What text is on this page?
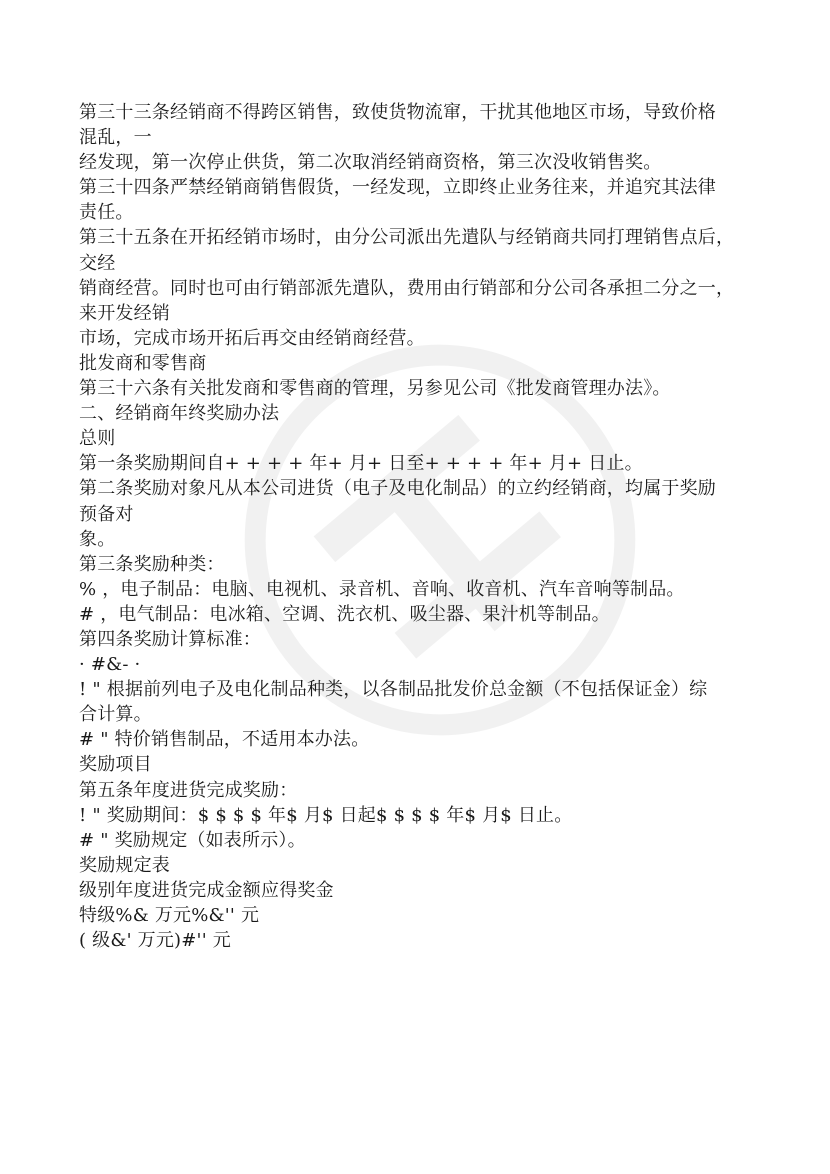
第三十三条经销商不得跨区销售，致使货物流窜，干扰其他地区市场，导致价格
混乱，一
经发现，第一次停止供货，第二次取消经销商资格，第三次没收销售奖。
第三十四条严禁经销商销售假货，一经发现，立即终止业务往来，并追究其法律
责任。
第三十五条在开拓经销市场时，由分公司派出先遣队与经销商共同打理销售点后，
交经
销商经营。同时也可由行销部派先遣队，费用由行销部和分公司各承担二分之一，
来开发经销
市场，完成市场开拓后再交由经销商经营。
批发商和零售商
第三十六条有关批发商和零售商的管理，另参见公司《批发商管理办法》。
二、经销商年终奖励办法
总则
第一条奖励期间自+ + + + 年+ 月+ 日至+ + + + 年+ 月+ 日止。
第二条奖励对象凡从本公司进货（电子及电化制品）的立约经销商，均属于奖励
预备对
象。
第三条奖励种类：
% ，电子制品：电脑、电视机、录音机、音响、收音机、汽车音响等制品。
# ，电气制品：电冰箱、空调、洗衣机、吸尘器、果汁机等制品。
第四条奖励计算标准：
· #&- ·
! " 根据前列电子及电化制品种类，以各制品批发价总金额（不包括保证金）综
合计算。
# " 特价销售制品，不适用本办法。
奖励项目
第五条年度进货完成奖励：
! " 奖励期间：$ $ $ $ 年$ 月$ 日起$ $ $ $ 年$ 月$ 日止。
# " 奖励规定（如表所示）。
奖励规定表
级别年度进货完成金额应得奖金
特级%& 万元%&'' 元
( 级&' 万元)#'' 元
